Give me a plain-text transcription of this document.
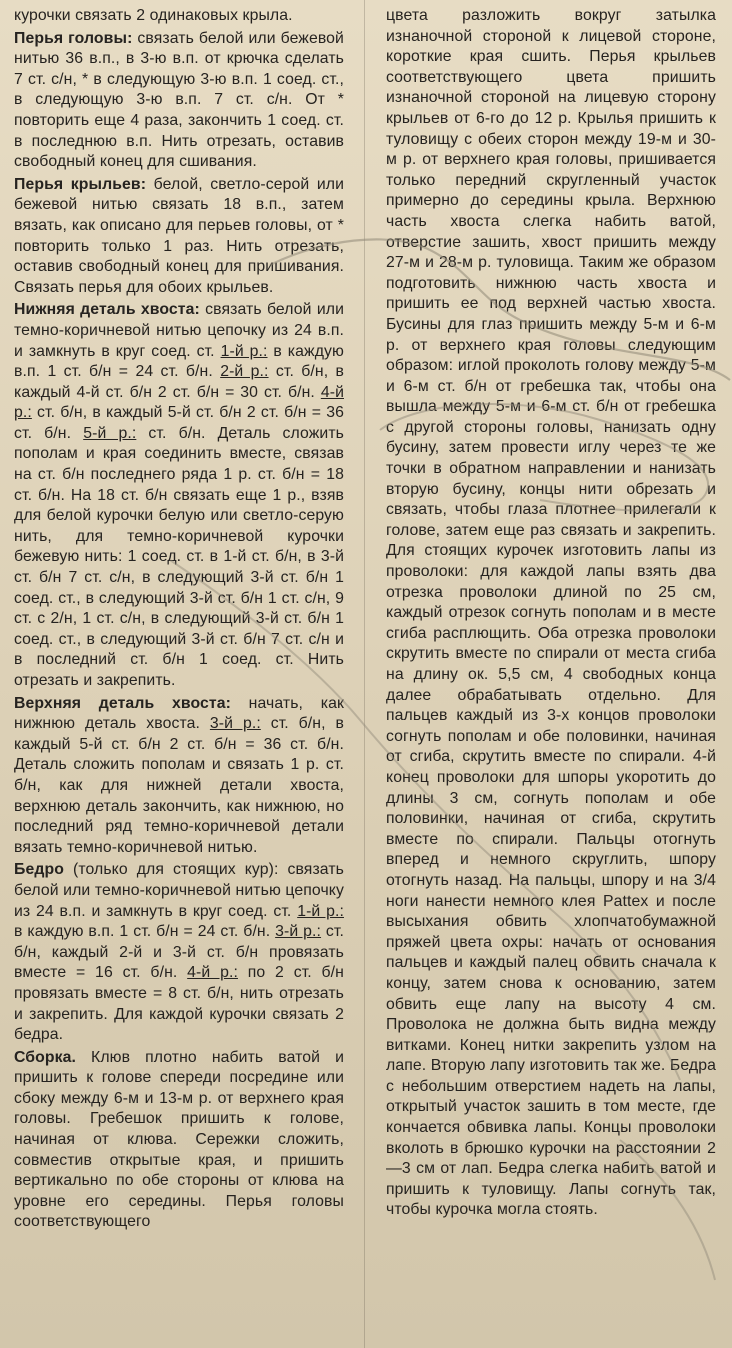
курочки связать 2 одинаковых крыла.

Перья головы: связать белой или бежевой нитью 36 в.п., в 3-ю в.п. от крючка сделать 7 ст. с/н, * в следующую 3-ю в.п. 1 соед. ст., в следующую 3-ю в.п. 7 ст. с/н. От * повторить еще 4 раза, закончить 1 соед. ст. в последнюю в.п. Нить отрезать, оставив свободный конец для сшивания.

Перья крыльев: белой, светло-серой или бежевой нитью связать 18 в.п., затем вязать, как описано для перьев головы, от * повторить только 1 раз. Нить отрезать, оставив свободный конец для пришивания. Связать перья для обоих крыльев.

Нижняя деталь хвоста: связать белой или темно-коричневой нитью цепочку из 24 в.п. и замкнуть в круг соед. ст. 1-й р.: в каждую в.п. 1 ст. б/н = 24 ст. б/н. 2-й р.: ст. б/н, в каждый 4-й ст. б/н 2 ст. б/н = 30 ст. б/н. 4-й р.: ст. б/н, в каждый 5-й ст. б/н 2 ст. б/н = 36 ст. б/н. 5-й р.: ст. б/н. Деталь сложить пополам и края соединить вместе, связав на ст. б/н последнего ряда 1 р. ст. б/н = 18 ст. б/н. На 18 ст. б/н связать еще 1 р., взяв для белой курочки белую или светло-серую нить, для темно-коричневой курочки бежевую нить: 1 соед. ст. в 1-й ст. б/н, в 3-й ст. б/н 7 ст. с/н, в следующий 3-й ст. б/н 1 соед. ст., в следующий 3-й ст. б/н 1 ст. с/н, 9 ст. с 2/н, 1 ст. с/н, в следующий 3-й ст. б/н 1 соед. ст., в следующий 3-й ст. б/н 7 ст. с/н и в последний ст. б/н 1 соед. ст. Нить отрезать и закрепить.

Верхняя деталь хвоста: начать, как нижнюю деталь хвоста. 3-й р.: ст. б/н, в каждый 5-й ст. б/н 2 ст. б/н = 36 ст. б/н. Деталь сложить пополам и связать 1 р. ст. б/н, как для нижней детали хвоста, верхнюю деталь закончить, как нижнюю, но последний ряд темно-коричневой детали вязать темно-коричневой нитью.

Бедро (только для стоящих кур): связать белой или темно-коричневой нитью цепочку из 24 в.п. и замкнуть в круг соед. ст. 1-й р.: в каждую в.п. 1 ст. б/н = 24 ст. б/н. 3-й р.: ст. б/н, каждый 2-й и 3-й ст. б/н провязать вместе = 16 ст. б/н. 4-й р.: по 2 ст. б/н провязать вместе = 8 ст. б/н, нить отрезать и закрепить. Для каждой курочки связать 2 бедра.

Сборка. Клюв плотно набить ватой и пришить к голове спереди посредине или сбоку между 6-м и 13-м р. от верхнего края головы. Гребешок пришить к голове, начиная от клюва. Сережки сложить, совместив открытые края, и пришить вертикально по обе стороны от клюва на уровне его середины. Перья головы соответствующего

цвета разложить вокруг затылка изнаночной стороной к лицевой стороне, короткие края сшить. Перья крыльев соответствующего цвета пришить изнаночной стороной на лицевую сторону крыльев от 6-го до 12 р. Крылья пришить к туловищу с обеих сторон между 19-м и 30-м р. от верхнего края головы, пришивается только передний скругленный участок примерно до середины крыла. Верхнюю часть хвоста слегка набить ватой, отверстие зашить, хвост пришить между 27-м и 28-м р. туловища. Таким же образом подготовить нижнюю часть хвоста и пришить ее под верхней частью хвоста. Бусины для глаз пришить между 5-м и 6-м р. от верхнего края головы следующим образом: иглой проколоть голову между 5-м и 6-м ст. б/н от гребешка так, чтобы она вышла между 5-м и 6-м ст. б/н от гребешка с другой стороны головы, нанизать одну бусину, затем провести иглу через те же точки в обратном направлении и нанизать вторую бусину, концы нити обрезать и связать, чтобы глаза плотнее прилегали к голове, затем еще раз связать и закрепить. Для стоящих курочек изготовить лапы из проволоки: для каждой лапы взять два отрезка проволоки длиной по 25 см, каждый отрезок согнуть пополам и в месте сгиба расплющить. Оба отрезка проволоки скрутить вместе по спирали от места сгиба на длину ок. 5,5 см, 4 свободных конца далее обрабатывать отдельно. Для пальцев каждый из 3-х концов проволоки согнуть пополам и обе половинки, начиная от сгиба, скрутить вместе по спирали. 4-й конец проволоки для шпоры укоротить до длины 3 см, согнуть пополам и обе половинки, начиная от сгиба, скрутить вместе по спирали. Пальцы отогнуть вперед и немного скруглить, шпору отогнуть назад. На пальцы, шпору и на 3/4 ноги нанести немного клея Pattex и после высыхания обвить хлопчатобумажной пряжей цвета охры: начать от основания пальцев и каждый палец обвить сначала к концу, затем снова к основанию, затем обвить еще лапу на высоту 4 см. Проволока не должна быть видна между витками. Конец нитки закрепить узлом на лапе. Вторую лапу изготовить так же. Бедра с небольшим отверстием надеть на лапы, открытый участок зашить в том месте, где кончается обвивка лапы. Концы проволоки вколоть в брюшко курочки на расстоянии 2—3 см от лап. Бедра слегка набить ватой и пришить к туловищу. Лапы согнуть так, чтобы курочка могла стоять.
